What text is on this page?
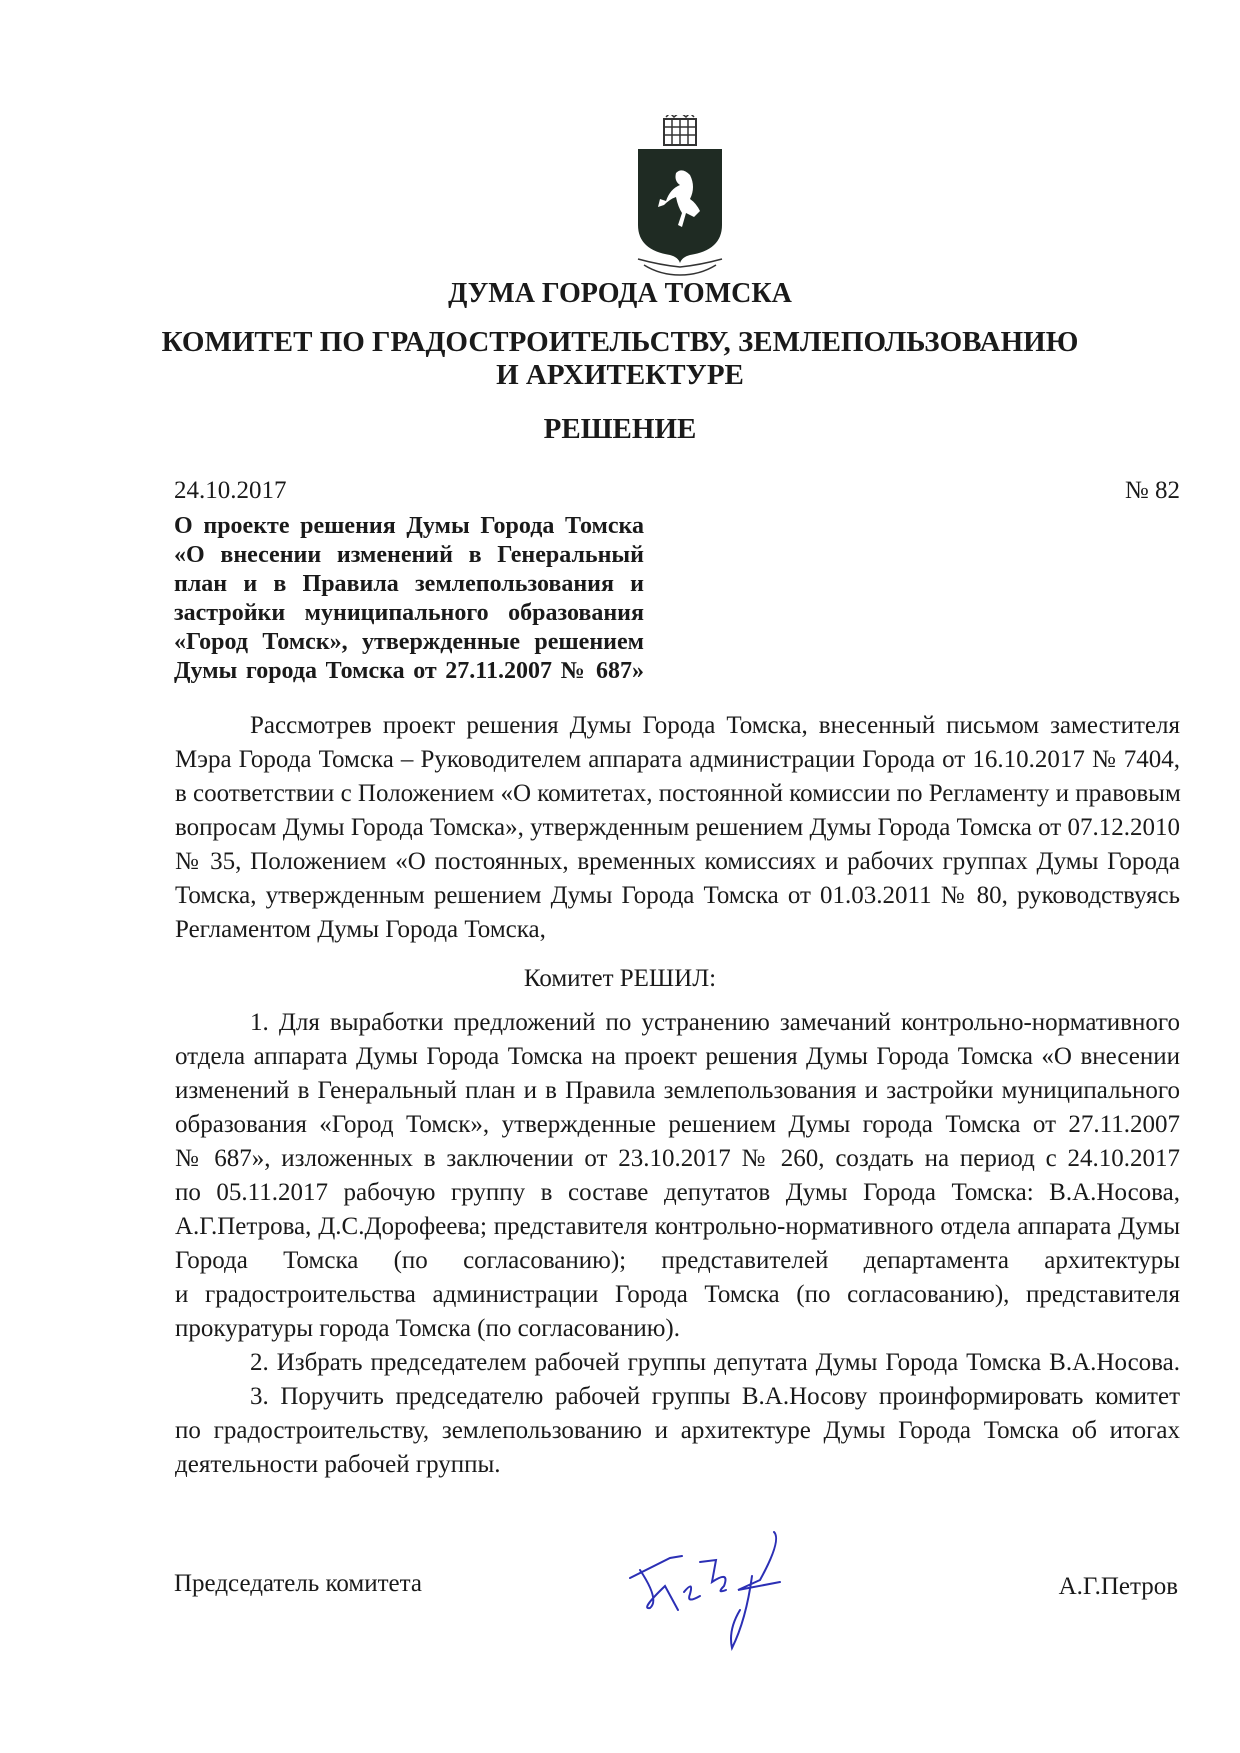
ДУМА ГОРОДА ТОМСКА
КОМИТЕТ ПО ГРАДОСТРОИТЕЛЬСТВУ, ЗЕМЛЕПОЛЬЗОВАНИЮ
И АРХИТЕКТУРЕ
РЕШЕНИЕ
24.10.2017	№ 82
О проекте решения Думы Города Томска
«О внесении изменений в Генеральный
план и в Правила землепользования и
застройки муниципального образования
«Город Томск», утвержденные решением
Думы города Томска от 27.11.2007 № 687»
Рассмотрев проект решения Думы Города Томска, внесенный письмом заместителя
Мэра Города Томска – Руководителем аппарата администрации Города от 16.10.2017 № 7404,
в соответствии с Положением «О комитетах, постоянной комиссии по Регламенту и правовым
вопросам Думы Города Томска», утвержденным решением Думы Города Томска от 07.12.2010
№ 35, Положением «О постоянных, временных комиссиях и рабочих группах Думы Города
Томска, утвержденным решением Думы Города Томска от 01.03.2011 № 80, руководствуясь
Регламентом Думы Города Томска,
Комитет РЕШИЛ:
1. Для выработки предложений по устранению замечаний контрольно-нормативного
отдела аппарата Думы Города Томска на проект решения Думы Города Томска «О внесении
изменений в Генеральный план и в Правила землепользования и застройки муниципального
образования «Город Томск», утвержденные решением Думы города Томска от 27.11.2007
№ 687», изложенных в заключении от 23.10.2017 № 260, создать на период с 24.10.2017
по 05.11.2017 рабочую группу в составе депутатов Думы Города Томска: В.А.Носова,
А.Г.Петрова, Д.С.Дорофеева; представителя контрольно-нормативного отдела аппарата Думы
Города Томска (по согласованию); представителей департамента архитектуры
и градостроительства администрации Города Томска (по согласованию), представителя
прокуратуры города Томска (по согласованию).
2. Избрать председателем рабочей группы депутата Думы Города Томска В.А.Носова.
3. Поручить председателю рабочей группы В.А.Носову проинформировать комитет
по градостроительству, землепользованию и архитектуре Думы Города Томска об итогах
деятельности рабочей группы.
Председатель комитета	А.Г.Петров
